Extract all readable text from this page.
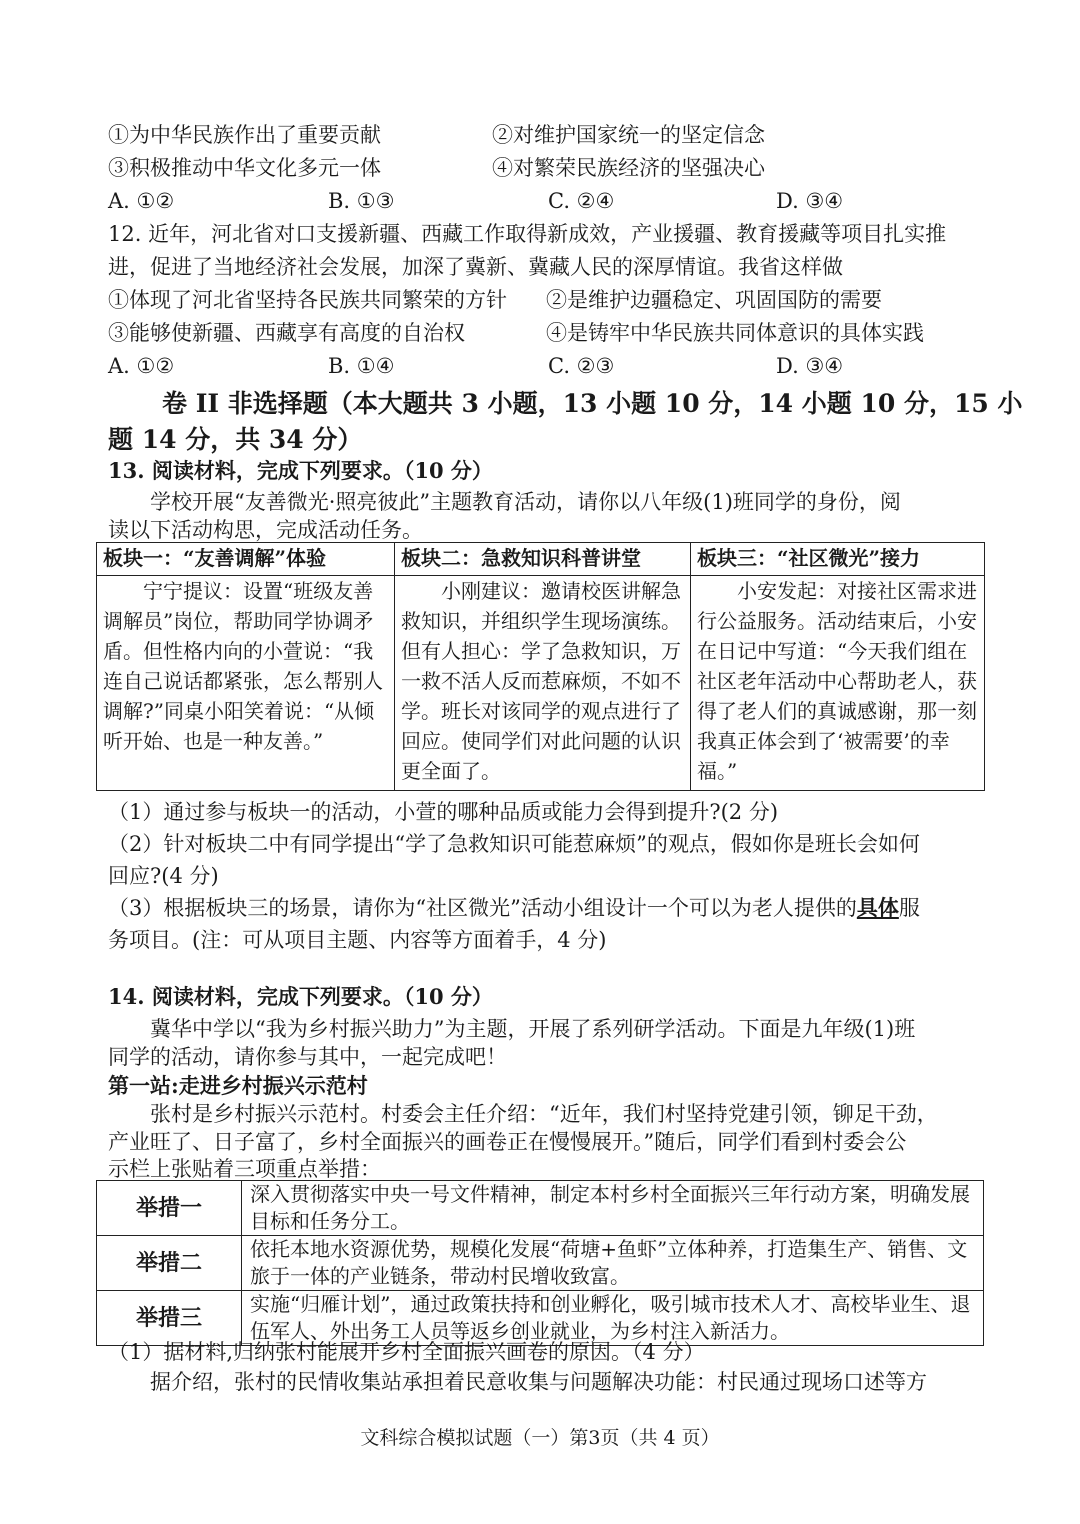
①为中华民族作出了重要贡献	②对维护国家统一的坚定信念
③积极推动中华文化多元一体	④对繁荣民族经济的坚强决心
A. ①②	B. ①③	C. ②④	D. ③④
12. 近年，河北省对口支援新疆、西藏工作取得新成效，产业援疆、教育援藏等项目扎实推
进，促进了当地经济社会发展，加深了冀新、冀藏人民的深厚情谊。我省这样做
①体现了河北省坚持各民族共同繁荣的方针 ②是维护边疆稳定、巩固国防的需要
③能够使新疆、西藏享有高度的自治权	④是铸牢中华民族共同体意识的具体实践
A. ①②	B. ①④	C. ②③	D. ③④
卷 II 非选择题（本大题共 3 小题，13 小题 10 分，14 小题 10 分，15 小
题 14 分，共 34 分）
13. 阅读材料，完成下列要求。（10 分）
学校开展“友善微光·照亮彼此”主题教育活动，请你以八年级(1)班同学的身份，阅
读以下活动构思，完成活动任务。
板块一：“友善调解”体验	板块二：急救知识科普讲堂	板块三：“社区微光”接力

宁宁提议：设置“班级友善调解员”岗位，帮助同学协调矛盾。但性格内向的小萱说：“我连自己说话都紧张，怎么帮别人调解?”同桌小阳笑着说：“从倾听开始、也是一种友善。”	小刚建议：邀请校医讲解急救知识，并组织学生现场演练。但有人担心：学了急救知识，万一救不活人反而惹麻烦，不如不学。班长对该同学的观点进行了回应。使同学们对此问题的认识更全面了。	小安发起：对接社区需求进行公益服务。活动结束后，小安在日记中写道：“今天我们组在社区老年活动中心帮助老人，获得了老人们的真诚感谢，那一刻我真正体会到了‘被需要’的幸福。”
（1）通过参与板块一的活动，小萱的哪种品质或能力会得到提升?(2 分)
（2）针对板块二中有同学提出“学了急救知识可能惹麻烦”的观点，假如你是班长会如何
回应?(4 分)
（3）根据板块三的场景，请你为“社区微光”活动小组设计一个可以为老人提供的具体服
务项目。(注：可从项目主题、内容等方面着手，4 分)
14. 阅读材料，完成下列要求。（10 分）
冀华中学以“我为乡村振兴助力”为主题，开展了系列研学活动。下面是九年级(1)班
同学的活动，请你参与其中，一起完成吧！
第一站:走进乡村振兴示范村
张村是乡村振兴示范村。村委会主任介绍：“近年，我们村坚持党建引领，铆足干劲，
产业旺了、日子富了，乡村全面振兴的画卷正在慢慢展开。”随后，同学们看到村委会公
示栏上张贴着三项重点举措：
举措一	深入贯彻落实中央一号文件精神，制定本村乡村全面振兴三年行动方案，明确发展目标和任务分工。
举措二	依托本地水资源优势，规模化发展“荷塘+鱼虾”立体种养，打造集生产、销售、文旅于一体的产业链条，带动村民增收致富。
举措三	实施“归雁计划”，通过政策扶持和创业孵化，吸引城市技术人才、高校毕业生、退伍军人、外出务工人员等返乡创业就业，为乡村注入新活力。
（1）据材料,归纳张村能展开乡村全面振兴画卷的原因。（4 分）
据介绍，张村的民情收集站承担着民意收集与问题解决功能：村民通过现场口述等方
文科综合模拟试题（一）第3页（共 4 页）
